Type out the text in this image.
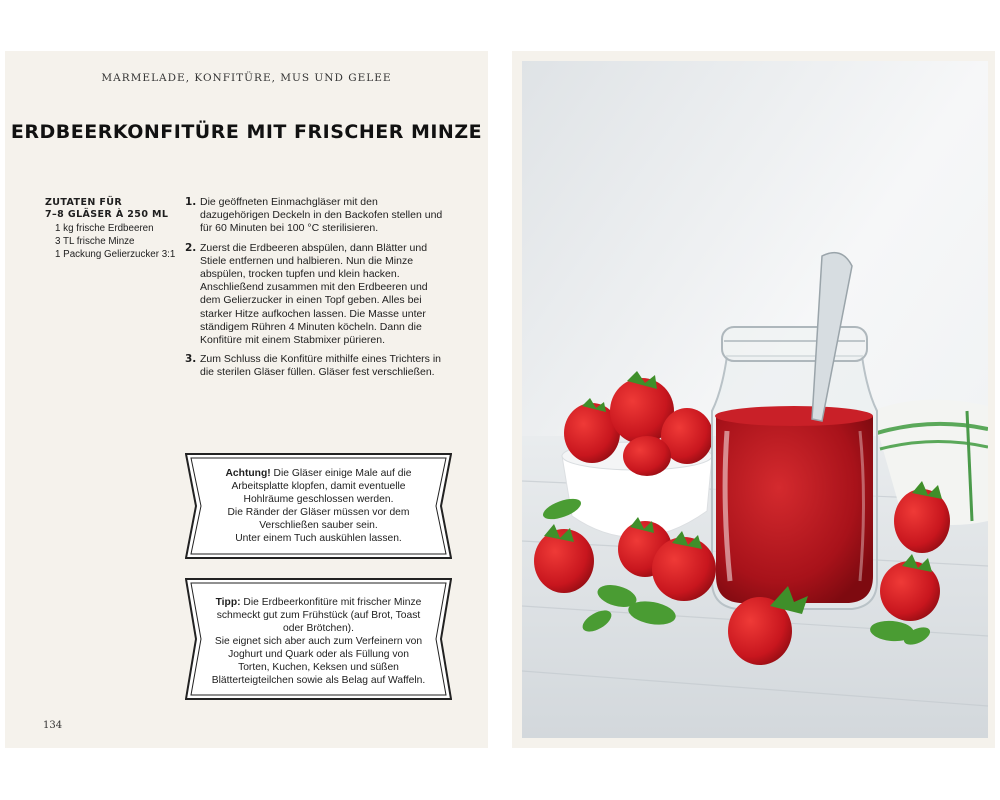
MARMELADE, KONFITÜRE, MUS UND GELEE
ERDBEERKONFITÜRE MIT FRISCHER MINZE
ZUTATEN FÜR
7–8 GLÄSER À 250 ML
1 kg frische Erdbeeren
3 TL frische Minze
1 Packung Gelierzucker 3:1
1. Die geöffneten Einmachgläser mit den dazugehörigen Deckeln in den Backofen stellen und für 60 Minuten bei 100 °C sterilisieren.
2. Zuerst die Erdbeeren abspülen, dann Blätter und Stiele entfernen und halbieren. Nun die Minze abspülen, trocken tupfen und klein hacken. Anschließend zusammen mit den Erdbeeren und dem Gelierzucker in einen Topf geben. Alles bei starker Hitze aufkochen lassen. Die Masse unter ständigem Rühren 4 Minuten köcheln. Dann die Konfitüre mit einem Stabmixer pürieren.
3. Zum Schluss die Konfitüre mithilfe eines Trichters in die sterilen Gläser füllen. Gläser fest verschließen.

Achtung! Die Gläser einige Male auf die Arbeitsplatte klopfen, damit eventuelle Hohlräume geschlossen werden.

Die Ränder der Gläser müssen vor dem Verschließen sauber sein.

Unter einem Tuch auskühlen lassen.

Tipp: Die Erdbeerkonfitüre mit frischer Minze schmeckt gut zum Frühstück (auf Brot, Toast oder Brötchen).

Sie eignet sich aber auch zum Verfeinern von Joghurt und Quark oder als Füllung von Torten, Kuchen, Keksen und süßen Blätterteigteilchen sowie als Belag auf Waffeln.

134
